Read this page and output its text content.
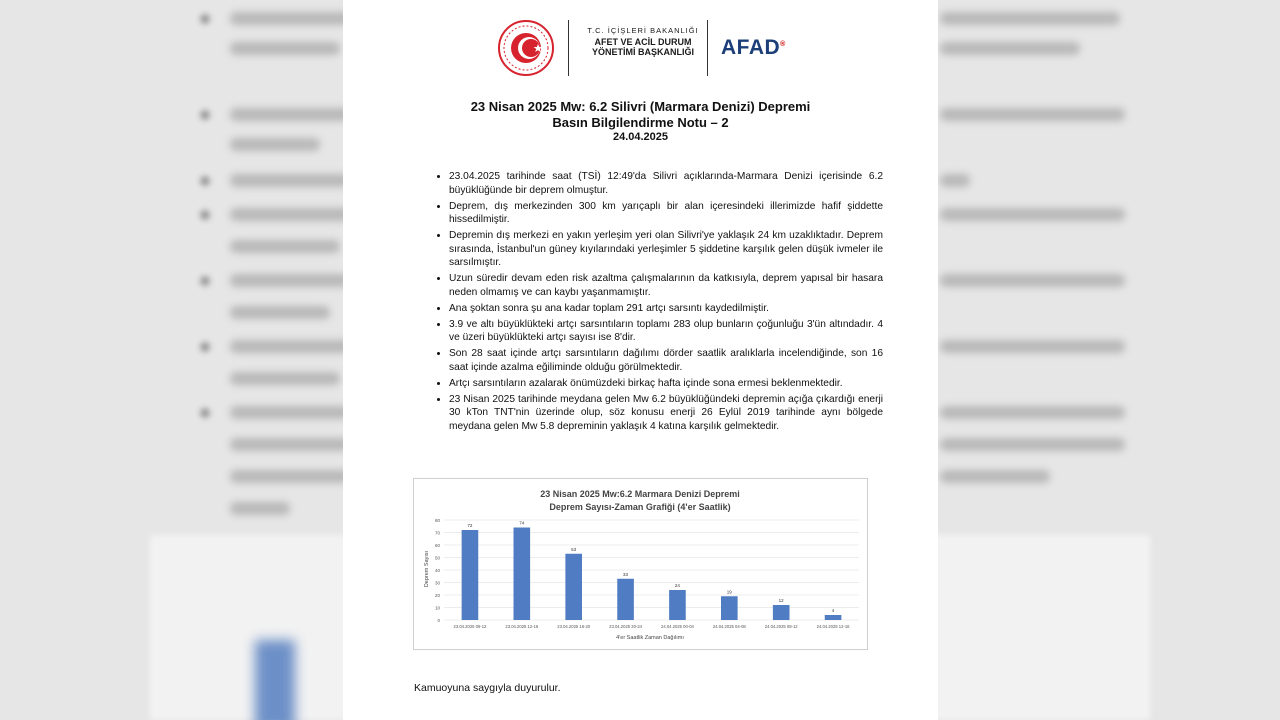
T.C. İÇİŞLERİ BAKANLIĞI
AFET VE ACİL DURUM
YÖNETİMİ BAŞKANLIĞI	AFAD®
23 Nisan 2025 Mw: 6.2 Silivri (Marmara Denizi) Depremi
Basın Bilgilendirme Notu – 2
24.04.2025
• 23.04.2025 tarihinde saat (TSİ) 12:49'da Silivri açıklarında-Marmara Denizi içerisinde 6.2 büyüklüğünde bir deprem olmuştur.
• Deprem, dış merkezinden 300 km yarıçaplı bir alan içeresindeki illerimizde hafif şiddette hissedilmiştir.
• Depremin dış merkezi en yakın yerleşim yeri olan Silivri'ye yaklaşık 24 km uzaklıktadır. Deprem sırasında, İstanbul'un güney kıyılarındaki yerleşimler 5 şiddetine karşılık gelen düşük ivmeler ile sarsılmıştır.
• Uzun süredir devam eden risk azaltma çalışmalarının da katkısıyla, deprem yapısal bir hasara neden olmamış ve can kaybı yaşanmamıştır.
• Ana şoktan sonra şu ana kadar toplam 291 artçı sarsıntı kaydedilmiştir.
• 3.9 ve altı büyüklükteki artçı sarsıntıların toplamı 283 olup bunların çoğunluğu 3'ün altındadır. 4 ve üzeri büyüklükteki artçı sayısı ise 8'dir.
• Son 28 saat içinde artçı sarsıntıların dağılımı dörder saatlik aralıklarla incelendiğinde, son 16 saat içinde azalma eğiliminde olduğu görülmektedir.
• Artçı sarsıntıların azalarak önümüzdeki birkaç hafta içinde sona ermesi beklenmektedir.
• 23 Nisan 2025 tarihinde meydana gelen Mw 6.2 büyüklüğündeki depremin açığa çıkardığı enerji 30 kTon TNT'nin üzerinde olup, söz konusu enerji 26 Eylül 2019 tarihinde aynı bölgede meydana gelen Mw 5.8 depreminin yaklaşık 4 katına karşılık gelmektedir.
23 Nisan 2025 Mw:6.2 Marmara Denizi Depremi
Deprem Sayısı-Zaman Grafiği (4'er Saatlik)
Deprem Sayısı
4'er Saatlik Zaman Dağılımı
0
10
20
30
40
50
60
70
80
72
23.04.2025 08-12
74
23.04.2025 12-16
53
23.04.2025 16-20
33
23.04.2025 20-24
24
24.04.2025 00-04
19
24.04.2025 04-08
12
24.04.2025 08-12
4
24.04.2025 12-16
Kamuoyuna saygıyla duyurulur.
